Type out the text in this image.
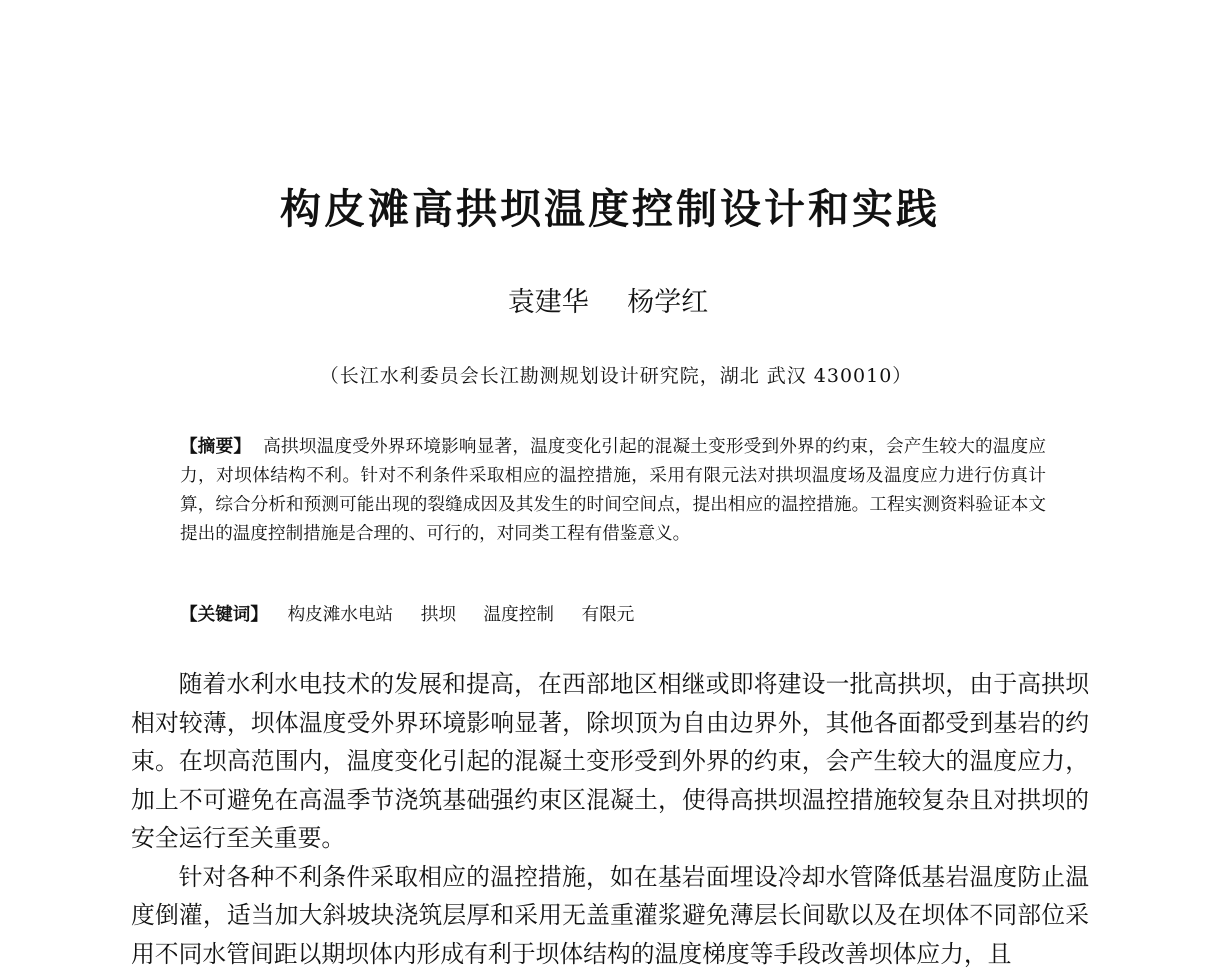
构皮滩高拱坝温度控制设计和实践
袁建华 杨学红
（长江水利委员会长江勘测规划设计研究院，湖北 武汉 430010）
【摘要】 高拱坝温度受外界环境影响显著，温度变化引起的混凝土变形受到外界的约束，会产生较大的温度应力，对坝体结构不利。针对不利条件采取相应的温控措施，采用有限元法对拱坝温度场及温度应力进行仿真计算，综合分析和预测可能出现的裂缝成因及其发生的时间空间点，提出相应的温控措施。工程实测资料验证本文提出的温度控制措施是合理的、可行的，对同类工程有借鉴意义。
【关键词】 构皮滩水电站 拱坝 温度控制 有限元

随着水利水电技术的发展和提高，在西部地区相继或即将建设一批高拱坝，由于高拱坝相对较薄，坝体温度受外界环境影响显著，除坝顶为自由边界外，其他各面都受到基岩的约束。在坝高范围内，温度变化引起的混凝土变形受到外界的约束，会产生较大的温度应力，加上不可避免在高温季节浇筑基础强约束区混凝土，使得高拱坝温控措施较复杂且对拱坝的安全运行至关重要。

针对各种不利条件采取相应的温控措施，如在基岩面埋设冷却水管降低基岩温度防止温度倒灌，适当加大斜坡块浇筑层厚和采用无盖重灌浆避免薄层长间歇以及在坝体不同部位采用不同水管间距以期坝体内形成有利于坝体结构的温度梯度等手段改善坝体应力，且
